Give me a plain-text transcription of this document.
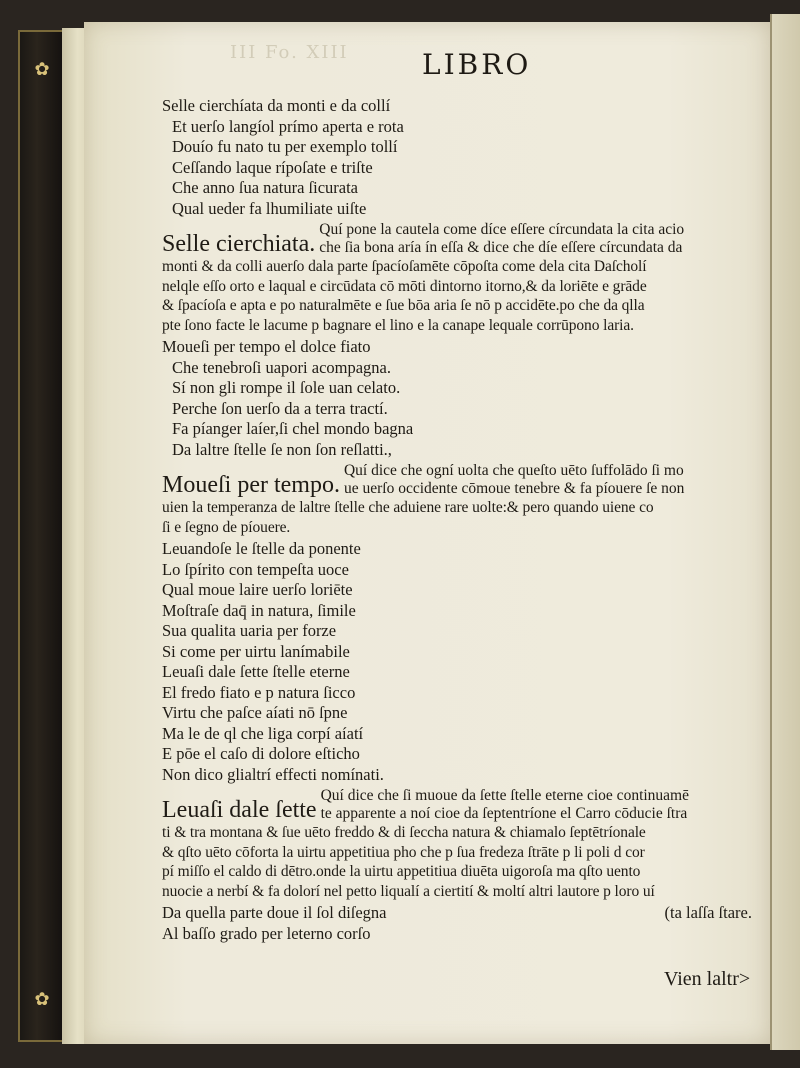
✿
✿
III Fo. XIII	LIBRO
Selle cierchíata da monti e da collí
Et uerſo langíol prímo aperta e rota
Douío fu nato tu per exemplo tollí
Ceſſando laque rípoſate e triſte
Che anno ſua natura ſicurata
Qual ueder fa lhumiliate uiſte
Selle cierchiata.
Quí pone la cautela come díce eſſere círcundata la cita acio
che ſia bona aría ín eſſa & dice che díe eſſere círcundata da
monti & da colli auerſo dala parte ſpacíoſamēte cōpoſta come dela cita Daſcholí
nelqle eſſo orto e laqual e circūdata cō mōti dintorno itorno,& da loriēte e grāde
& ſpacíoſa e apta e po naturalmēte e ſue bōa aria ſe nō p accidēte.po che da qlla
pte ſono facte le lacume p bagnare el lino e la canape lequale corrūpono laria.
Moueſi per tempo el dolce fiato
Che tenebroſi uapori acompagna.
Sí non gli rompe il ſole uan celato.
Perche ſon uerſo da a terra tractí.
Fa píanger laíer,ſi chel mondo bagna
Da laltre ſtelle ſe non ſon reſlatti.,
Moueſi per tempo.
Quí dice che ogní uolta che queſto uēto ſuffolādo ſi mo
ue uerſo occidente cōmoue tenebre & fa píouere ſe non
uien la temperanza de laltre ſtelle che aduiene rare uolte:& pero quando uiene co
ſi e ſegno de píouere.
Leuandoſe le ſtelle da ponente
Lo ſpírito con tempeſta uoce
Qual moue laire uerſo loriēte
Moſtraſe daq̄ in natura, ſimile
Sua qualita uaria per forze
Si come per uirtu lanímabile
Leuaſi dale ſette ſtelle eterne
El fredo fiato e p natura ſicco
Virtu che paſce aíati nō ſpne
Ma le de ql che liga corpí aíatí
E pōe el caſo di dolore eſticho
Non dico glialtrí effecti nomínati.
Leuaſi dale ſette
Quí dice che ſi muoue da ſette ſtelle eterne cioe continuamē
te apparente a noí cioe da ſeptentríone el Carro cōducie ſtra
ti & tra montana & ſue uēto freddo & di ſeccha natura & chiamalo ſeptētríonale
& qſto uēto cōforta la uirtu appetitiua pho che p ſua fredeza ſtrāte p li poli d cor
pí miſſo el caldo di dētro.onde la uirtu appetitiua diuēta uigoroſa ma qſto uento
nuocie a nerbí & fa dolorí nel petto liqualí a ciertití & moltí altri lautore p loro uí
Da quella parte doue il ſol diſegna	(ta laſſa ſtare.
Al baſſo grado per leterno corſo
Vien laltr>
